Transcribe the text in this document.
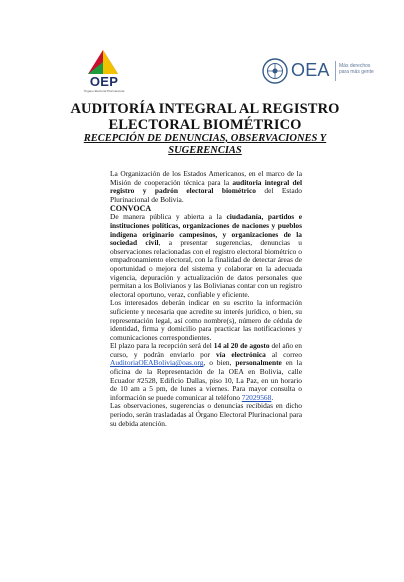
OEP
Órgano Electoral Plurinacional
OEA Más derechos para más gente
AUDITORÍA INTEGRAL AL REGISTRO ELECTORAL BIOMÉTRICO
RECEPCIÓN DE DENUNCIAS, OBSERVACIONES Y SUGERENCIAS

La Organización de los Estados Americanos, en el marco de la Misión de cooperación técnica para la auditoria integral del registro y padrón electoral biométrico del Estado Plurinacional de Bolivia.

CONVOCA

De manera pública y abierta a la ciudadanía, partidos e instituciones políticas, organizaciones de naciones y pueblos indígena originario campesinos, y organizaciones de la sociedad civil, a presentar sugerencias, denuncias u observaciones relacionadas con el registro electoral biométrico o empadronamiento electoral, con la finalidad de detectar áreas de oportunidad o mejora del sistema y colaborar en la adecuada vigencia, depuración y actualización de datos personales que permitan a los Bolivianos y las Bolivianas contar con un registro electoral oportuno, veraz, confiable y eficiente.

Los interesados deberán indicar en su escrito la información suficiente y necesaria que acredite su interés jurídico, o bien, su representación legal, así como nombre(s), número de cédula de identidad, firma y domicilio para practicar las notificaciones y comunicaciones correspondientes.

El plazo para la recepción será del 14 al 20 de agosto del año en curso, y podrán enviarlo por vía electrónica al correo AuditoriaOEABolivia@oas.org, o bien, personalmente en la oficina de la Representación de la OEA en Bolivia, calle Ecuador #2528, Edificio Dallas, piso 10, La Paz, en un horario de 10 am a 5 pm, de lunes a viernes. Para mayor consulta o información se puede comunicar al teléfono 72029568.

Las observaciones, sugerencias o denuncias recibidas en dicho periodo, serán trasladadas al Órgano Electoral Plurinacional para su debida atención.
